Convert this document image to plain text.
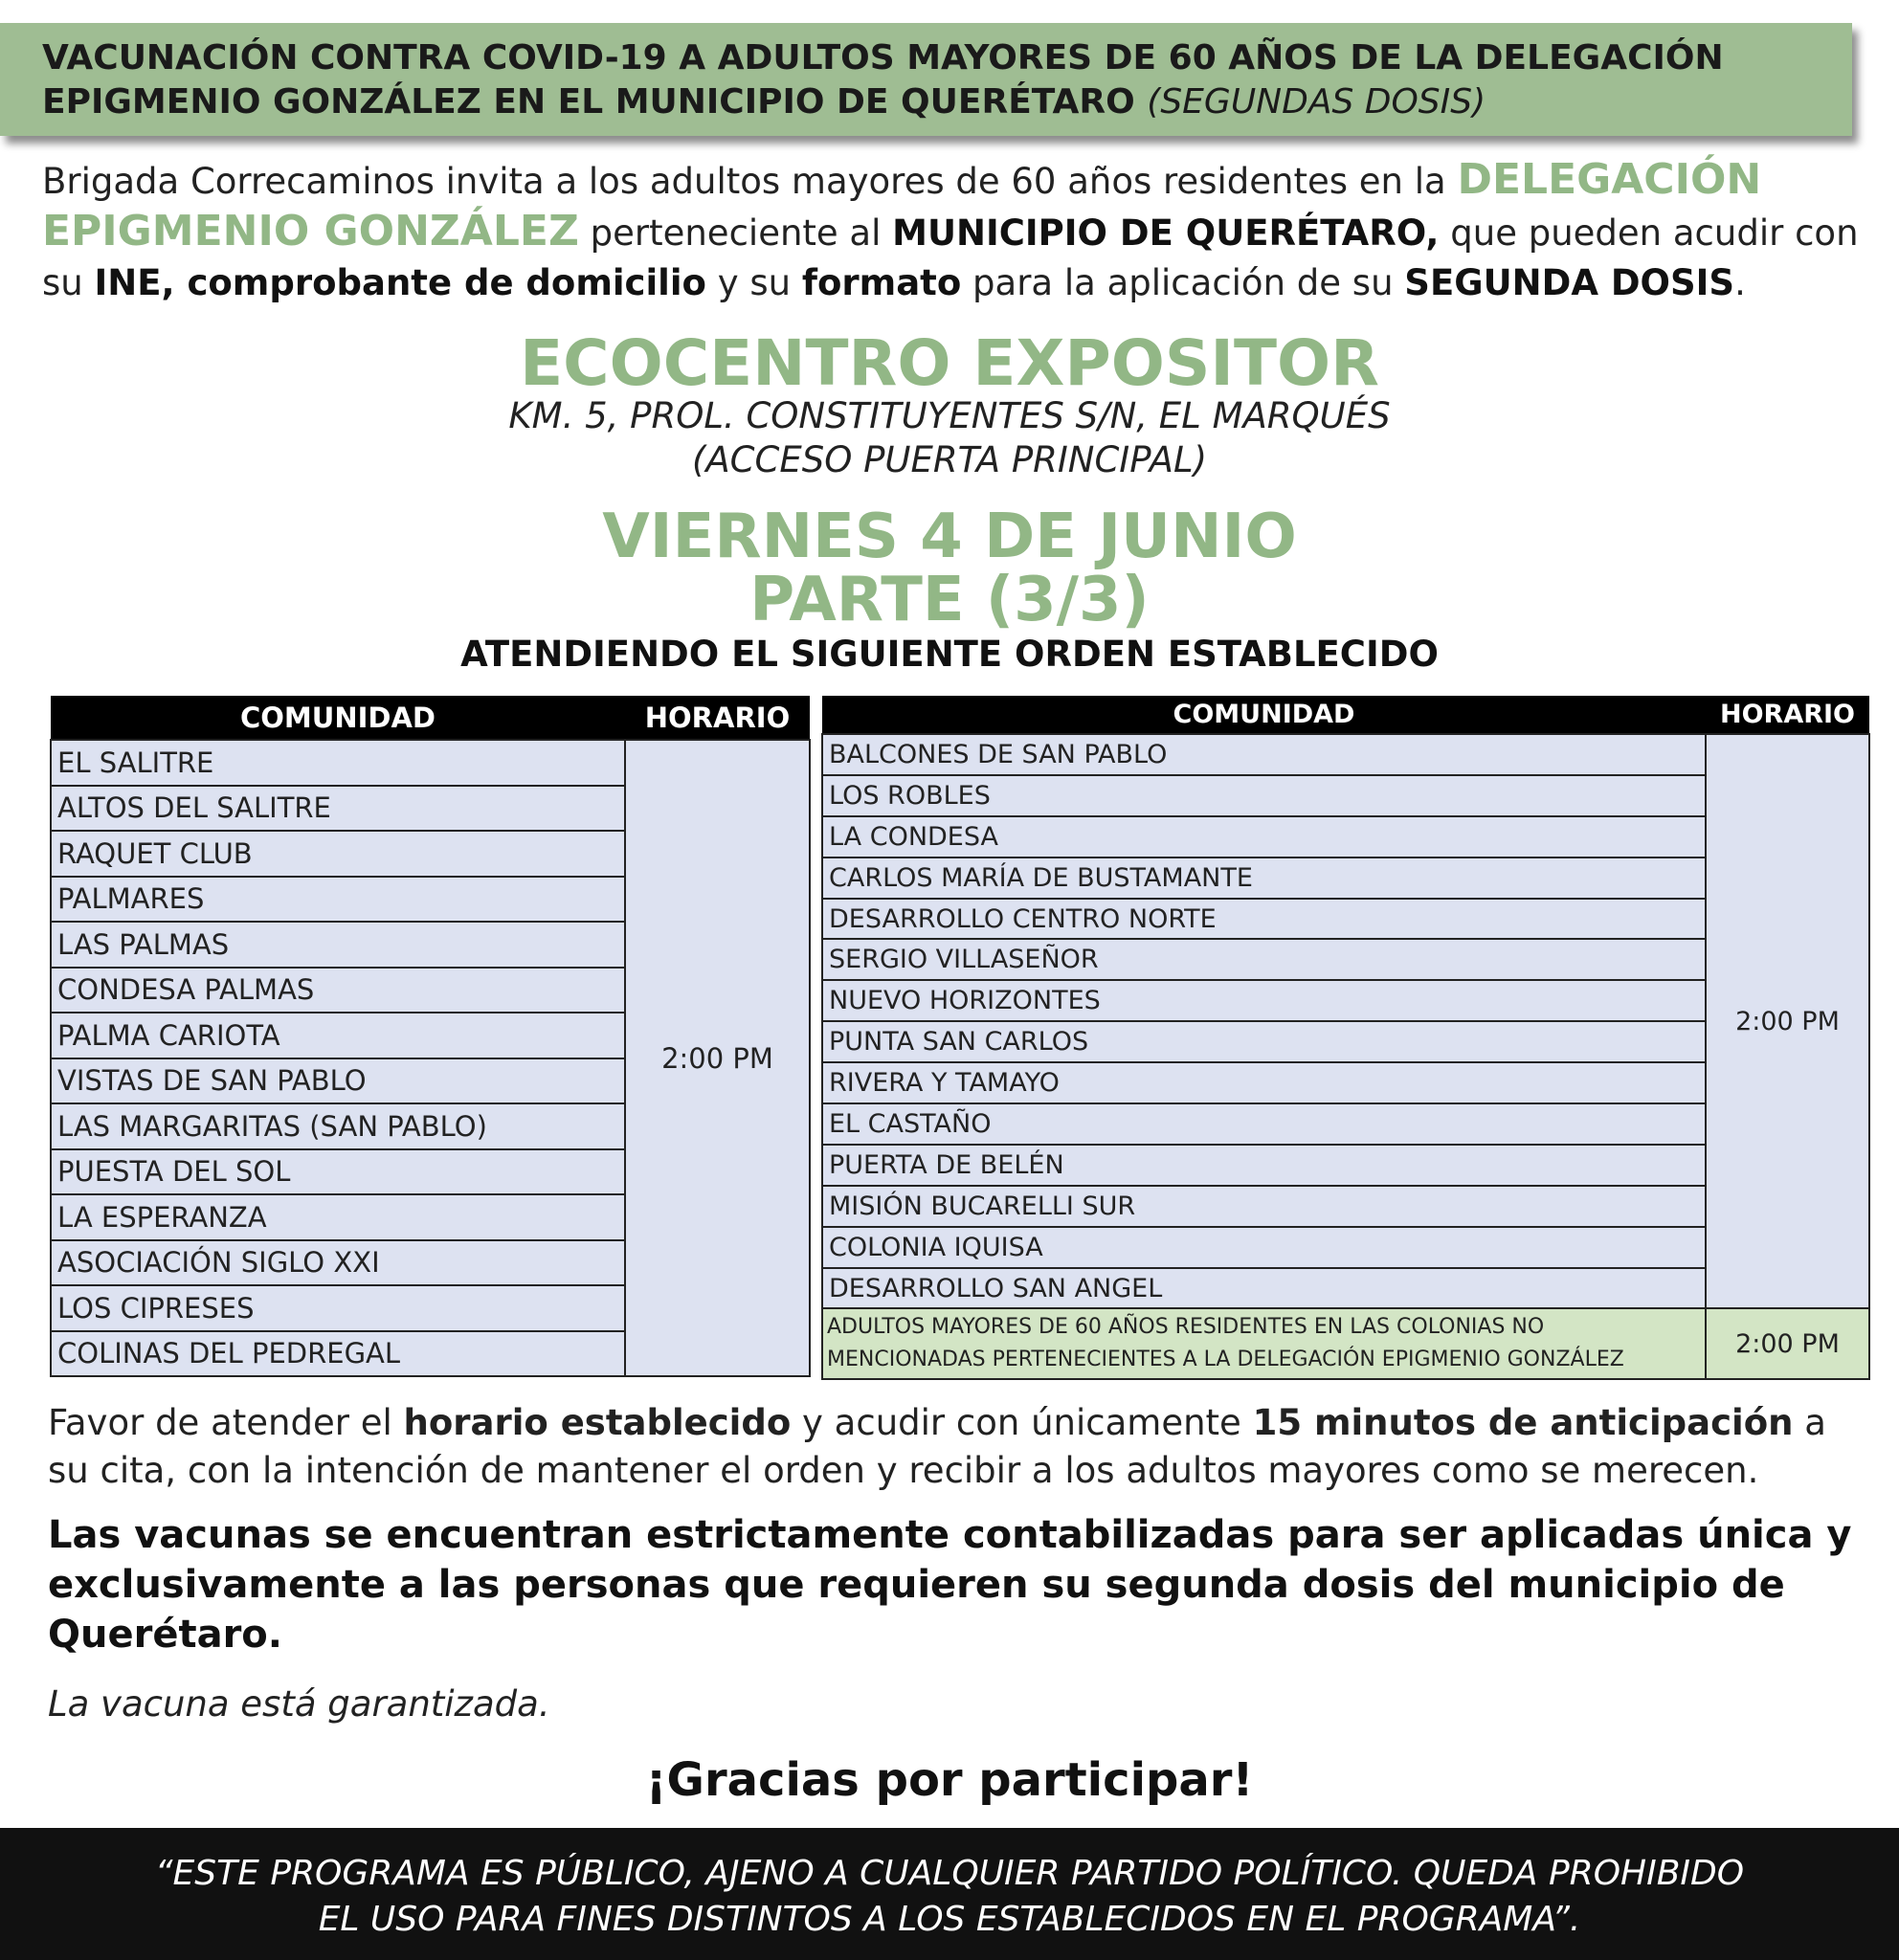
VACUNACIÓN CONTRA COVID-19 A ADULTOS MAYORES DE 60 AÑOS DE LA DELEGACIÓN
EPIGMENIO GONZÁLEZ EN EL MUNICIPIO DE QUERÉTARO (SEGUNDAS DOSIS)
Brigada Correcaminos invita a los adultos mayores de 60 años residentes en la DELEGACIÓN EPIGMENIO GONZÁLEZ perteneciente al MUNICIPIO DE QUERÉTARO, que pueden acudir con su INE, comprobante de domicilio y su formato para la aplicación de su SEGUNDA DOSIS.
ECOCENTRO EXPOSITOR
KM. 5, PROL. CONSTITUYENTES S/N, EL MARQUÉS
(ACCESO PUERTA PRINCIPAL)
VIERNES 4 DE JUNIO
PARTE (3/3)
ATENDIENDO EL SIGUIENTE ORDEN ESTABLECIDO
COMUNIDAD	HORARIO
EL SALITRE	2:00 PM
ALTOS DEL SALITRE	
RAQUET CLUB	
PALMARES	
LAS PALMAS	
CONDESA PALMAS	
PALMA CARIOTA	
VISTAS DE SAN PABLO	
LAS MARGARITAS (SAN PABLO)	
PUESTA DEL SOL	
LA ESPERANZA	
ASOCIACIÓN SIGLO XXI	
LOS CIPRESES	
COLINAS DEL PEDREGAL	
COMUNIDAD	HORARIO
BALCONES DE SAN PABLO	2:00 PM
LOS ROBLES	
LA CONDESA	
CARLOS MARÍA DE BUSTAMANTE	
DESARROLLO CENTRO NORTE	
SERGIO VILLASEÑOR	
NUEVO HORIZONTES	
PUNTA SAN CARLOS	
RIVERA Y TAMAYO	
EL CASTAÑO	
PUERTA DE BELÉN	
MISIÓN BUCARELLI SUR	
COLONIA IQUISA	
DESARROLLO SAN ANGEL	

ADULTOS MAYORES DE 60 AÑOS RESIDENTES EN LAS COLONIAS NO
MENCIONADAS PERTENECIENTES A LA DELEGACIÓN EPIGMENIO GONZÁLEZ	2:00 PM
Favor de atender el horario establecido y acudir con únicamente 15 minutos de anticipación a su cita, con la intención de mantener el orden y recibir a los adultos mayores como se merecen.
Las vacunas se encuentran estrictamente contabilizadas para ser aplicadas única y exclusivamente a las personas que requieren su segunda dosis del municipio de Querétaro.
La vacuna está garantizada.
¡Gracias por participar!
“ESTE PROGRAMA ES PÚBLICO, AJENO A CUALQUIER PARTIDO POLÍTICO. QUEDA PROHIBIDO
EL USO PARA FINES DISTINTOS A LOS ESTABLECIDOS EN EL PROGRAMA”.
